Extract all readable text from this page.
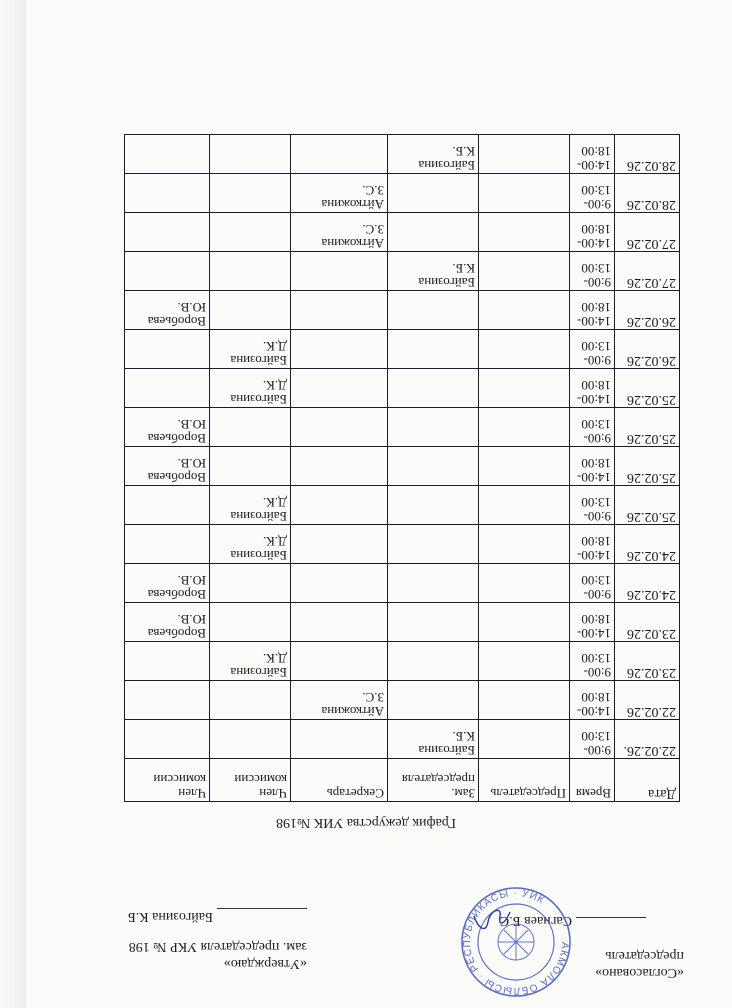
«Согласовано»
председатель
Сагнаев Б.С
«Утверждаю»
зам. председателя УКР № 198
Байгозина К.Б
АКМОЛА ОБЛЫСЫ · РЕСПУБЛИКАСЫ · УИК
График дежурства УИК №198
Дата	Время	Председатель	Зам. председателя	Секретарь	Член комиссии	Член комиссии
22.02.26.	9:00-
13:00		Байгозина
К.Б.			

22.02.26	14:00-
18:00			Айткожина
З.С.		

23.02.26	9:00-
13:00				Байгозина
Д.К.	

23.02.26	14:00-
18:00					Воробьева
Ю.В.

24.02.26	9:00-
13:00					Воробьева
Ю.В.

24.02.26	14:00-
18:00				Байгозина
Д.К.	

25.02.26	9:00-
13:00				Байгозина
Д.К.	

25.02.26	14:00-
18:00					Воробьева
Ю.В.

25.02.26	9:00-
13:00					Воробьева
Ю.В.

25.02.26	14:00-
18:00				Байгозина
Д.К.	

26.02.26	9:00-
13:00				Байгозина
Д.К.	

26.02.26	14:00-
18:00					Воробьева
Ю.В.

27.02.26	9:00-
13:00		Байгозина
К.Б.			

27.02.26	14:00-
18:00			Айткожина
З.С.		

28.02.26	9:00-
13:00			Айткожина
З.С.		

28.02.26	14:00-
18:00		Байгозина
К.Б.			
